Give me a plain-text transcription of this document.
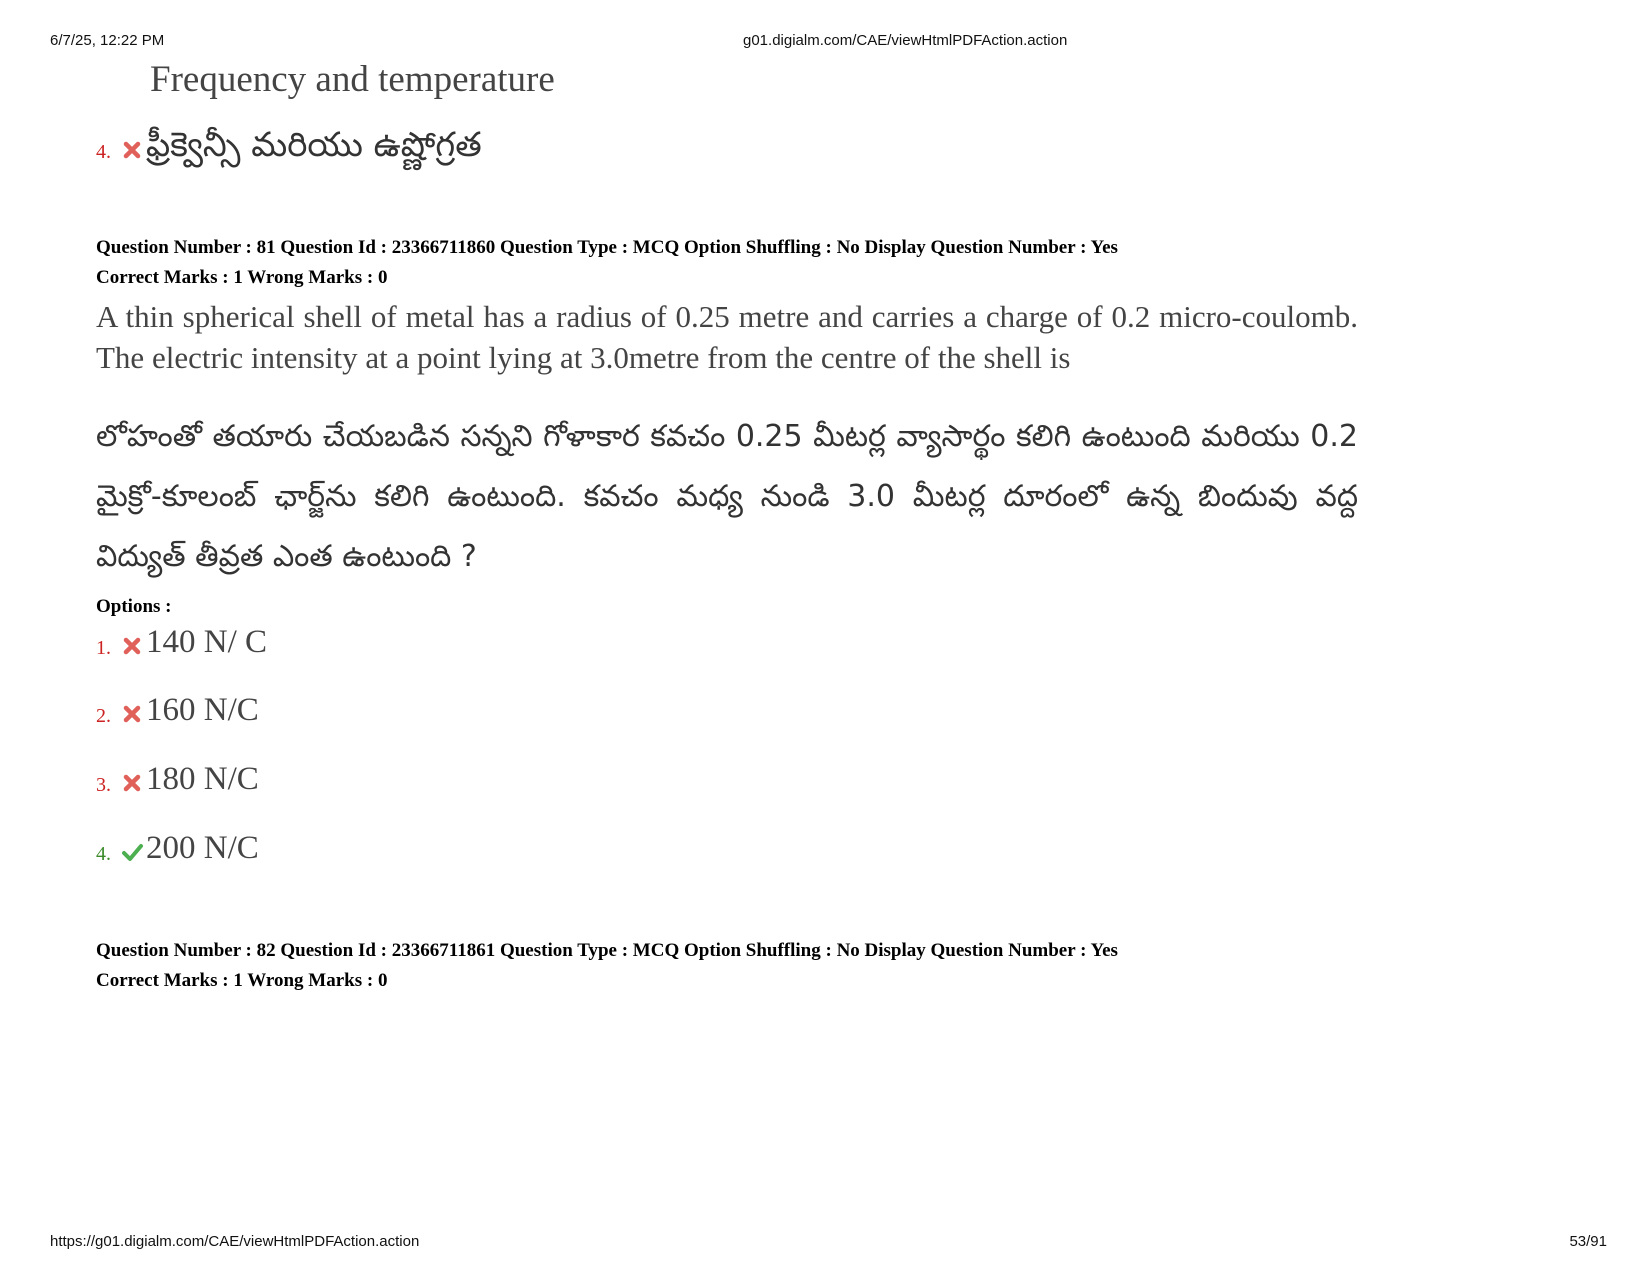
6/7/25, 12:22 PM	g01.digialm.com/CAE/viewHtmlPDFAction.action
Frequency and temperature
4. ఫ్రీక్వెన్సీ మరియు ఉష్ణోగ్రత
Question Number : 81 Question Id : 23366711860 Question Type : MCQ Option Shuffling : No Display Question Number : Yes
Correct Marks : 1 Wrong Marks : 0
A thin spherical shell of metal has a radius of 0.25 metre and carries a charge of 0.2 micro-coulomb. The electric intensity at a point lying at 3.0metre from the centre of the shell is
లోహంతో తయారు చేయబడిన సన్నని గోళాకార కవచం 0.25 మీటర్ల వ్యాసార్థం కలిగి ఉంటుంది మరియు 0.2 మైక్రో-కూలంబ్ ఛార్జ్‌ను కలిగి ఉంటుంది. కవచం మధ్య నుండి 3.0 మీటర్ల దూరంలో ఉన్న బిందువు వద్ద విద్యుత్ తీవ్రత ఎంత ఉంటుంది ?
Options :
1. 140 N/ C
2. 160 N/C
3. 180 N/C
4. 200 N/C
Question Number : 82 Question Id : 23366711861 Question Type : MCQ Option Shuffling : No Display Question Number : Yes
Correct Marks : 1 Wrong Marks : 0
https://g01.digialm.com/CAE/viewHtmlPDFAction.action	53/91
